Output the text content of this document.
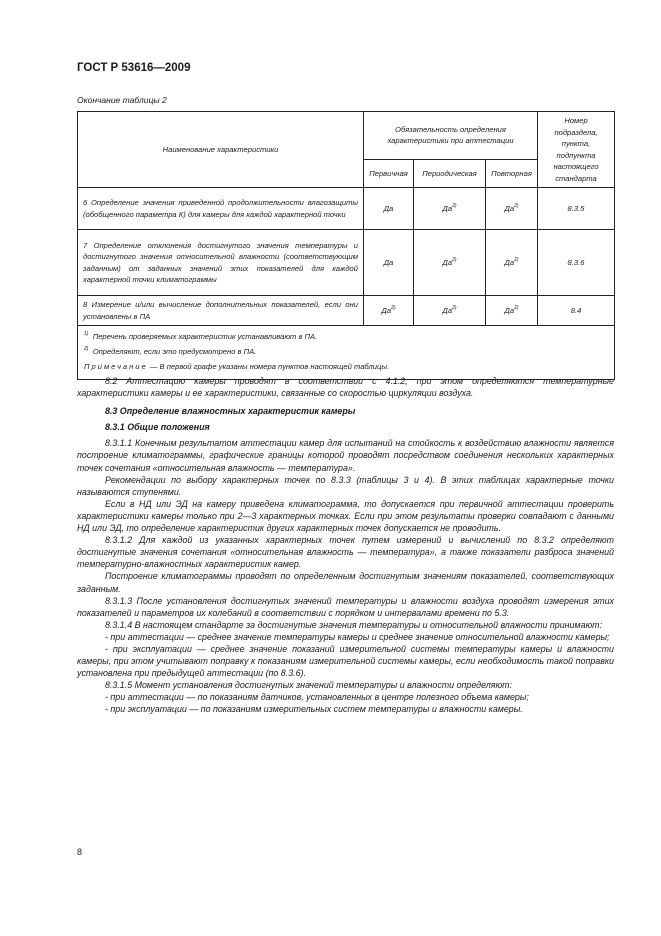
ГОСТ Р 53616—2009
Окончание таблицы 2
Наименование характеристики	Обязательность определения характеристики при аттестации			Номер подраздела, пункта, подпункта настоящего стандарта
	Первичная	Периодическая	Повторная	
6 Определение значения приведенной продолжительности влагозащиты (обобщенного параметра К) для камеры для каждой характерной точки	Да	$Да^{2)}$	$Да^{2)}$	8.3.5
7 Определение отклонения достигнутого значения температуры и достигнутого значения относительной влажности (соответствующим заданным) от заданных значений этих показателей для каждой характерной точки климатограммы	Да	$Да^{2)}$	$Да^{2)}$	8.3.6
8 Измерение и/или вычисление дополнительных показателей, если они установлены в ПА	$Да^{2)}$	$Да^{2)}$	$Да^{2)}$	8.4

$^{1)}$ Перечень проверяемых характеристик устанавливают в ПА.
$^{2)}$ Определяют, если это предусмотрено в ПА.
Примечание — В первой графе указаны номера пунктов настоящей таблицы.				

8.2 Аттестацию камеры проводят в соответствии с 4.1.2; при этом определяются температурные характеристики камеры и ее характеристики, связанные со скоростью циркуляции воздуха.

8.3 Определение влажностных характеристик камеры

8.3.1 Общие положения

8.3.1.1 Конечным результатом аттестации камер для испытаний на стойкость к воздействию влажности является построение климатограммы, графические границы которой проводят посредством соединения нескольких характерных точек сочетания «относительная влажность — температура».

Рекомендации по выбору характерных точек по 8.3.3 (таблицы 3 и 4). В этих таблицах характерные точки называются ступенями.

Если в НД или ЭД на камеру приведена климатограмма, то допускается при первичной аттестации проверить характеристики камеры только при 2—3 характерных точках. Если при этом результаты проверки совпадают с данными НД или ЭД, то определение характеристик других характерных точек допускается не проводить.

8.3.1.2 Для каждой из указанных характерных точек путем измерений и вычислений по 8.3.2 определяют достигнутые значения сочетания «относительная влажность — температура», а также показатели разброса значений температурно-влажностных характеристик камер.

Построение климатограммы проводят по определенным достигнутым значениям показателей, соответствующих заданным.

8.3.1.3 После установления достигнутых значений температуры и влажности воздуха проводят измерения этих показателей и параметров их колебаний в соответствии с порядком и интервалами времени по 5.3.

8.3.1.4 В настоящем стандарте за достигнутые значения температуры и относительной влажности принимают:

- при аттестации — среднее значение температуры камеры и среднее значение относительной влажности камеры;

- при эксплуатации — среднее значение показаний измерительной системы температуры камеры и влажности камеры, при этом учитывают поправку к показаниям измерительной системы камеры, если необходимость такой поправки установлена при предыдущей аттестации (по 8.3.6).

8.3.1.5 Момент установления достигнутых значений температуры и влажности определяют:

- при аттестации — по показаниям датчиков, установленных в центре полезного объема камеры;

- при эксплуатации — по показаниям измерительных систем температуры и влажности камеры.

8
